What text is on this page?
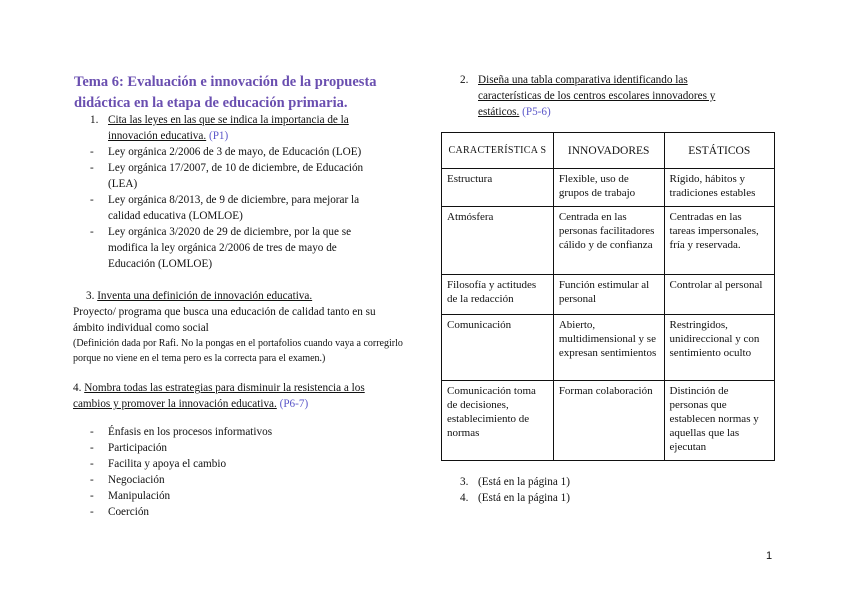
Tema 6: Evaluación e innovación de la propuesta didáctica en la etapa de educación primaria.
1. Cita las leyes en las que se indica la importancia de la innovación educativa. (P1)
- Ley orgánica 2/2006 de 3 de mayo, de Educación (LOE)
- Ley orgánica 17/2007, de 10 de diciembre, de Educación (LEA)
- Ley orgánica 8/2013, de 9 de diciembre, para mejorar la calidad educativa (LOMLOE)
- Ley orgánica 3/2020 de 29 de diciembre, por la que se modifica la ley orgánica 2/2006 de tres de mayo de Educación (LOMLOE)
3. Inventa una definición de innovación educativa.
Proyecto/ programa que busca una educación de calidad tanto en su ámbito individual como social
(Definición dada por Rafi. No la pongas en el portafolios cuando vaya a corregirlo porque no viene en el tema pero es la correcta para el examen.)
4. Nombra todas las estrategias para disminuir la resistencia a los cambios y promover la innovación educativa. (P6-7)
- Énfasis en los procesos informativos
- Participación
- Facilita y apoya el cambio
- Negociación
- Manipulación
- Coerción
2. Diseña una tabla comparativa identificando las características de los centros escolares innovadores y estáticos. (P5-6)
CARACTERÍSTICA S	INNOVADORES	ESTÁTICOS
Estructura	Flexible, uso de grupos de trabajo	Rígido, hábitos y tradiciones estables
Atmósfera	Centrada en las personas facilitadores cálido y de confianza	Centradas en las tareas impersonales, fría y reservada.
Filosofía y actitudes de la redacción	Función estimular al personal	Controlar al personal
Comunicación	Abierto, multidimensional y se expresan sentimientos	Restringidos, unidireccional y con sentimiento oculto
Comunicación toma de decisiones, establecimiento de normas	Forman colaboración	Distinción de personas que establecen normas y aquellas que las ejecutan
3. (Está en la página 1)
4. (Está en la página 1)
1
